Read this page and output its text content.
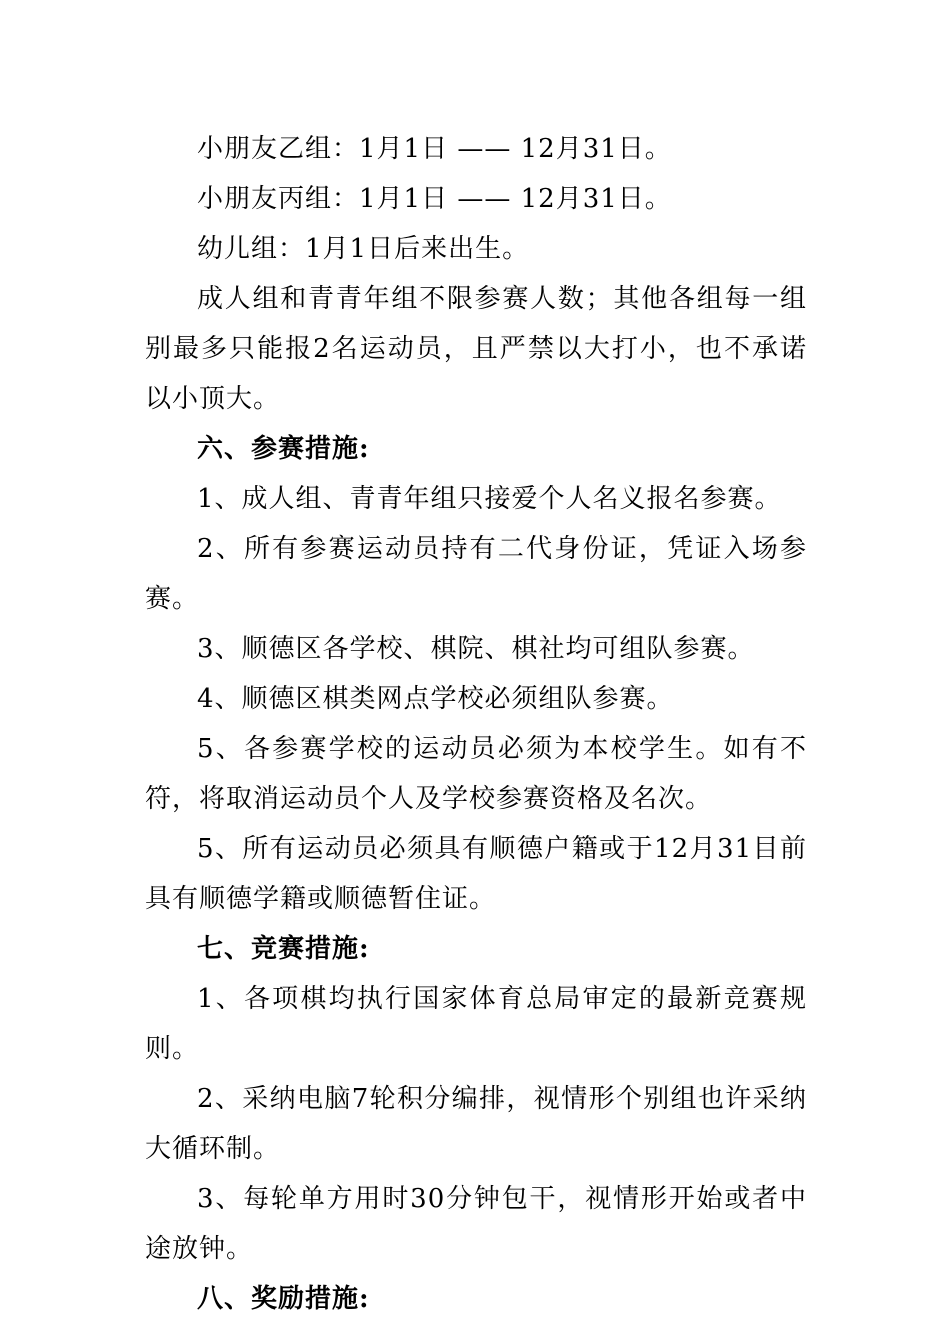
小朋友乙组：1月1日 —— 12月31日。

小朋友丙组：1月1日 —— 12月31日。

幼儿组：1月1日后来出生。

成人组和青青年组不限参赛人数；其他各组每一组别最多只能报2名运动员，且严禁以大打小，也不承诺以小顶大。

六、参赛措施:

1、成人组、青青年组只接爱个人名义报名参赛。

2、所有参赛运动员持有二代身份证，凭证入场参赛。

3、顺德区各学校、棋院、棋社均可组队参赛。

4、顺德区棋类网点学校必须组队参赛。

5、各参赛学校的运动员必须为本校学生。如有不符，将取消运动员个人及学校参赛资格及名次。

5、所有运动员必须具有顺德户籍或于12月31目前具有顺德学籍或顺德暂住证。

七、竞赛措施:

1、各项棋均执行国家体育总局审定的最新竞赛规则。

2、采纳电脑7轮积分编排，视情形个别组也许采纳大循环制。

3、每轮单方用时30分钟包干，视情形开始或者中途放钟。

八、奖励措施:
